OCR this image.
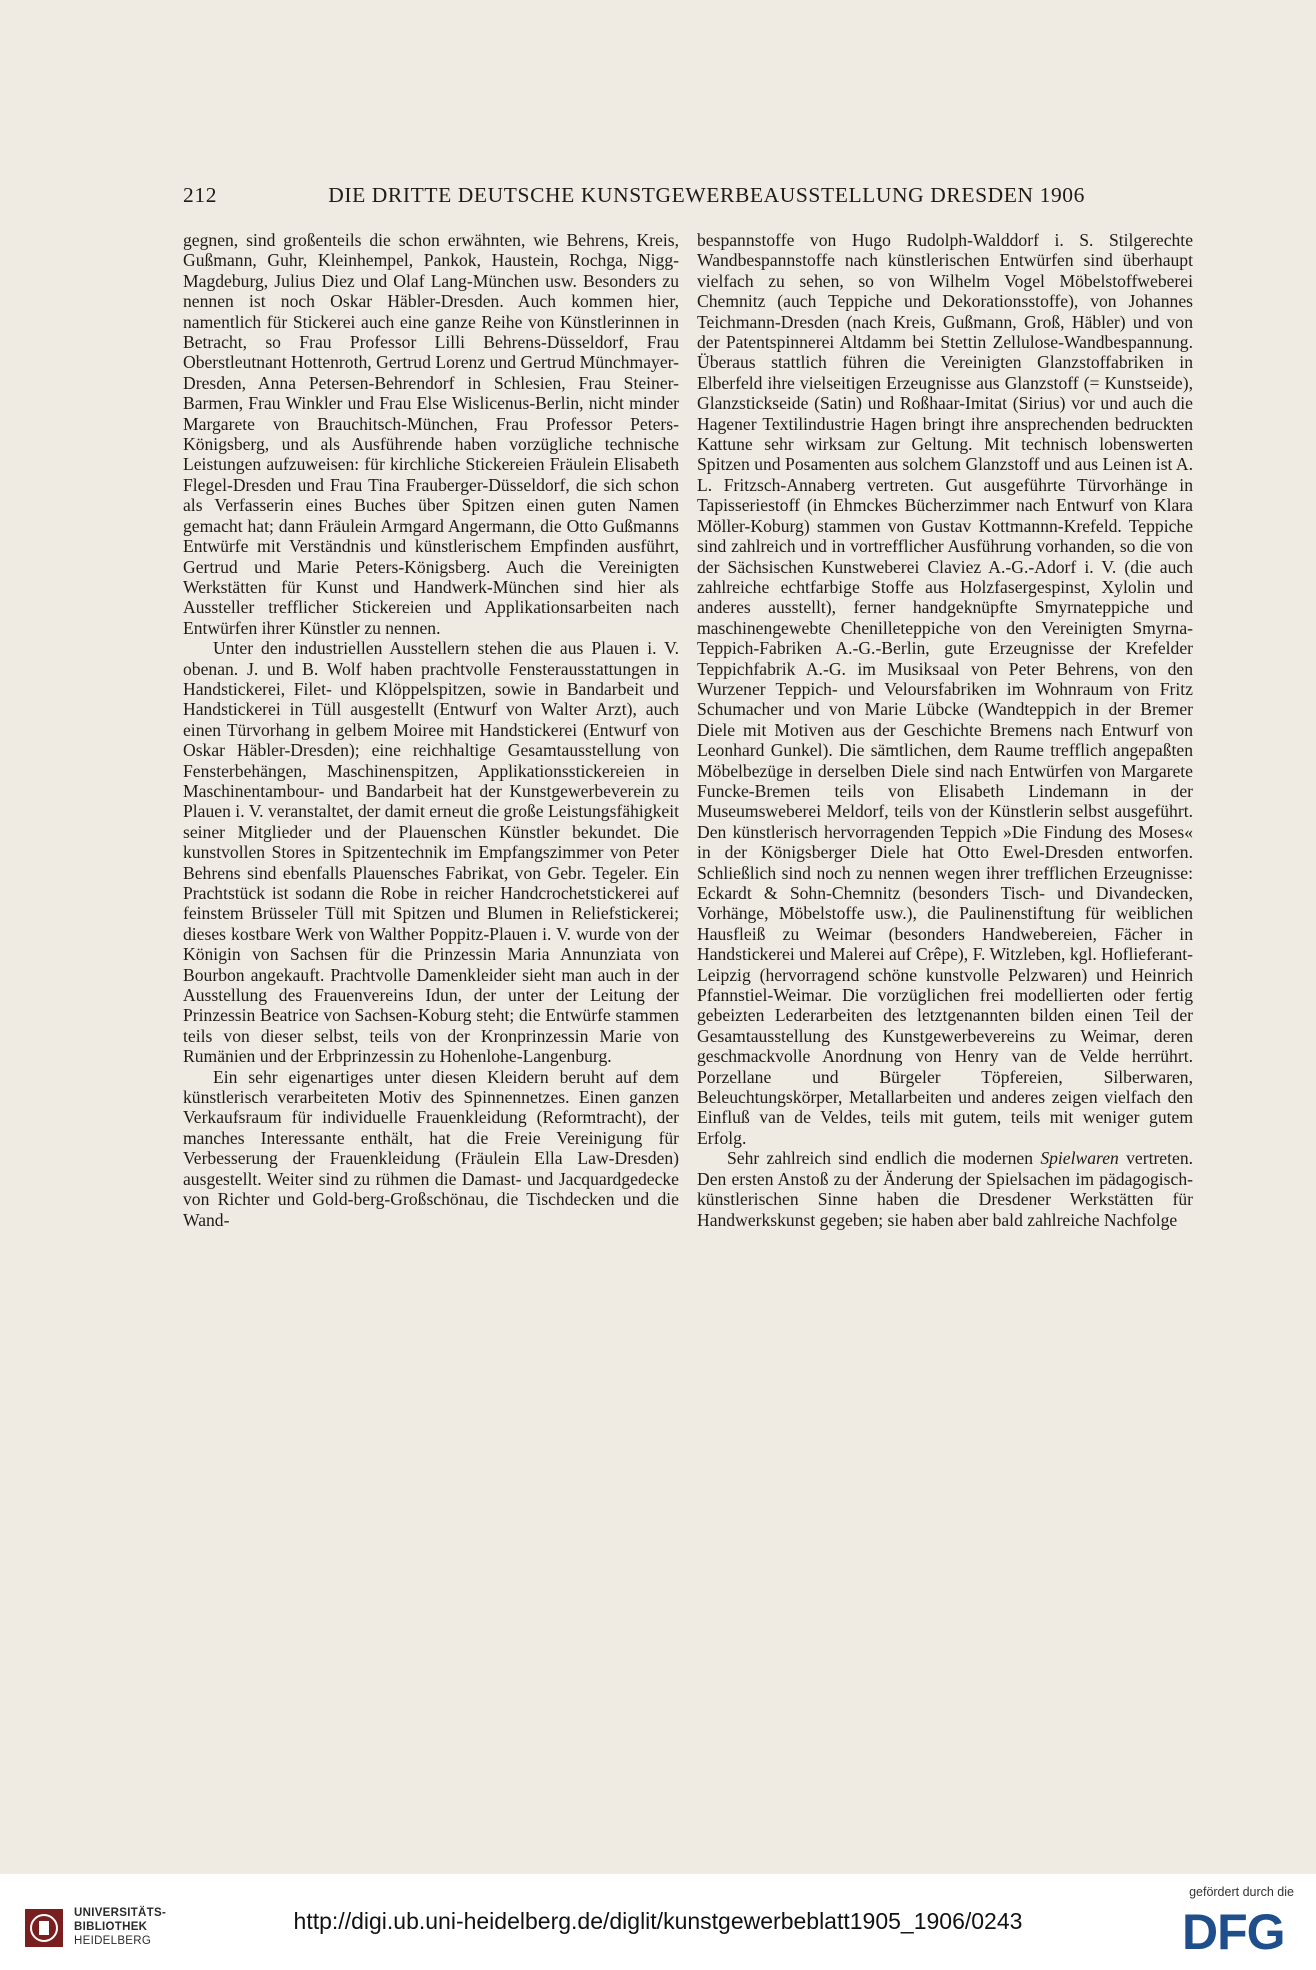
212	DIE DRITTE DEUTSCHE KUNSTGEWERBEAUSSTELLUNG DRESDEN 1906

gegnen, sind großenteils die schon erwähnten, wie Behrens, Kreis, Gußmann, Guhr, Kleinhempel, Pankok, Haustein, Rochga, Nigg-Magdeburg, Julius Diez und Olaf Lang-München usw. Besonders zu nennen ist noch Oskar Häbler-Dresden. Auch kommen hier, namentlich für Stickerei auch eine ganze Reihe von Künstlerinnen in Betracht, so Frau Professor Lilli Behrens-Düsseldorf, Frau Oberstleutnant Hottenroth, Gertrud Lorenz und Gertrud Münchmayer-Dresden, Anna Petersen-Behrendorf in Schlesien, Frau Steiner-Barmen, Frau Winkler und Frau Else Wislicenus-Berlin, nicht minder Margarete von Brauchitsch-München, Frau Professor Peters-Königsberg, und als Ausführende haben vorzügliche technische Leistungen aufzuweisen: für kirchliche Stickereien Fräulein Elisabeth Flegel-Dresden und Frau Tina Frauberger-Düsseldorf, die sich schon als Verfasserin eines Buches über Spitzen einen guten Namen gemacht hat; dann Fräulein Armgard Angermann, die Otto Gußmanns Entwürfe mit Verständnis und künstlerischem Empfinden ausführt, Gertrud und Marie Peters-Königsberg. Auch die Vereinigten Werkstätten für Kunst und Handwerk-München sind hier als Aussteller trefflicher Stickereien und Applikationsarbeiten nach Entwürfen ihrer Künstler zu nennen.

Unter den industriellen Ausstellern stehen die aus Plauen i. V. obenan. J. und B. Wolf haben prachtvolle Fensterausstattungen in Handstickerei, Filet- und Klöppelspitzen, sowie in Bandarbeit und Handstickerei in Tüll ausgestellt (Entwurf von Walter Arzt), auch einen Türvorhang in gelbem Moiree mit Handstickerei (Entwurf von Oskar Häbler-Dresden); eine reichhaltige Gesamtausstellung von Fensterbehängen, Maschinenspitzen, Applikationsstickereien in Maschinentambour- und Bandarbeit hat der Kunstgewerbeverein zu Plauen i. V. veranstaltet, der damit erneut die große Leistungsfähigkeit seiner Mitglieder und der Plauenschen Künstler bekundet. Die kunstvollen Stores in Spitzentechnik im Empfangszimmer von Peter Behrens sind ebenfalls Plauensches Fabrikat, von Gebr. Tegeler. Ein Prachtstück ist sodann die Robe in reicher Handcrochetstickerei auf feinstem Brüsseler Tüll mit Spitzen und Blumen in Reliefstickerei; dieses kostbare Werk von Walther Poppitz-Plauen i. V. wurde von der Königin von Sachsen für die Prinzessin Maria Annunziata von Bourbon angekauft. Prachtvolle Damenkleider sieht man auch in der Ausstellung des Frauenvereins Idun, der unter der Leitung der Prinzessin Beatrice von Sachsen-Koburg steht; die Entwürfe stammen teils von dieser selbst, teils von der Kronprinzessin Marie von Rumänien und der Erbprinzessin zu Hohenlohe-Langenburg.

Ein sehr eigenartiges unter diesen Kleidern beruht auf dem künstlerisch verarbeiteten Motiv des Spinnennetzes. Einen ganzen Verkaufsraum für individuelle Frauenkleidung (Reformtracht), der manches Interessante enthält, hat die Freie Vereinigung für Verbesserung der Frauenkleidung (Fräulein Ella Law-Dresden) ausgestellt. Weiter sind zu rühmen die Damast- und Jacquardgedecke von Richter und Gold-berg-Großschönau, die Tischdecken und die Wand-

bespannstoffe von Hugo Rudolph-Walddorf i. S. Stilgerechte Wandbespannstoffe nach künstlerischen Entwürfen sind überhaupt vielfach zu sehen, so von Wilhelm Vogel Möbelstoffweberei Chemnitz (auch Teppiche und Dekorationsstoffe), von Johannes Teichmann-Dresden (nach Kreis, Gußmann, Groß, Häbler) und von der Patentspinnerei Altdamm bei Stettin Zellulose-Wandbespannung. Überaus stattlich führen die Vereinigten Glanzstoffabriken in Elberfeld ihre vielseitigen Erzeugnisse aus Glanzstoff (= Kunstseide), Glanzstickseide (Satin) und Roßhaar-Imitat (Sirius) vor und auch die Hagener Textilindustrie Hagen bringt ihre ansprechenden bedruckten Kattune sehr wirksam zur Geltung. Mit technisch lobenswerten Spitzen und Posamenten aus solchem Glanzstoff und aus Leinen ist A. L. Fritzsch-Annaberg vertreten. Gut ausgeführte Türvorhänge in Tapisseriestoff (in Ehmckes Bücherzimmer nach Entwurf von Klara Möller-Koburg) stammen von Gustav Kottmannn-Krefeld. Teppiche sind zahlreich und in vortrefflicher Ausführung vorhanden, so die von der Sächsischen Kunstweberei Claviez A.-G.-Adorf i. V. (die auch zahlreiche echtfarbige Stoffe aus Holzfasergespinst, Xylolin und anderes ausstellt), ferner handgeknüpfte Smyrnateppiche und maschinengewebte Chenilleteppiche von den Vereinigten Smyrna-Teppich-Fabriken A.-G.-Berlin, gute Erzeugnisse der Krefelder Teppichfabrik A.-G. im Musiksaal von Peter Behrens, von den Wurzener Teppich- und Veloursfabriken im Wohnraum von Fritz Schumacher und von Marie Lübcke (Wandteppich in der Bremer Diele mit Motiven aus der Geschichte Bremens nach Entwurf von Leonhard Gunkel). Die sämtlichen, dem Raume trefflich angepaßten Möbelbezüge in derselben Diele sind nach Entwürfen von Margarete Funcke-Bremen teils von Elisabeth Lindemann in der Museumsweberei Meldorf, teils von der Künstlerin selbst ausgeführt. Den künstlerisch hervorragenden Teppich »Die Findung des Moses« in der Königsberger Diele hat Otto Ewel-Dresden entworfen. Schließlich sind noch zu nennen wegen ihrer trefflichen Erzeugnisse: Eckardt & Sohn-Chemnitz (besonders Tisch- und Divandecken, Vorhänge, Möbelstoffe usw.), die Paulinenstiftung für weiblichen Hausfleiß zu Weimar (besonders Handwebereien, Fächer in Handstickerei und Malerei auf Crêpe), F. Witzleben, kgl. Hoflieferant-Leipzig (hervorragend schöne kunstvolle Pelzwaren) und Heinrich Pfannstiel-Weimar. Die vorzüglichen frei modellierten oder fertig gebeizten Lederarbeiten des letztgenannten bilden einen Teil der Gesamtausstellung des Kunstgewerbevereins zu Weimar, deren geschmackvolle Anordnung von Henry van de Velde herrührt. Porzellane und Bürgeler Töpfereien, Silberwaren, Beleuchtungskörper, Metallarbeiten und anderes zeigen vielfach den Einfluß van de Veldes, teils mit gutem, teils mit weniger gutem Erfolg.

Sehr zahlreich sind endlich die modernen Spielwaren vertreten. Den ersten Anstoß zu der Änderung der Spielsachen im pädagogisch-künstlerischen Sinne haben die Dresdener Werkstätten für Handwerkskunst gegeben; sie haben aber bald zahlreiche Nachfolge

UNIVERSITÄTS-
BIBLIOTHEK
HEIDELBERG
http://digi.ub.uni-heidelberg.de/diglit/kunstgewerbeblatt1905_1906/0243
gefördert durch die
DFG
